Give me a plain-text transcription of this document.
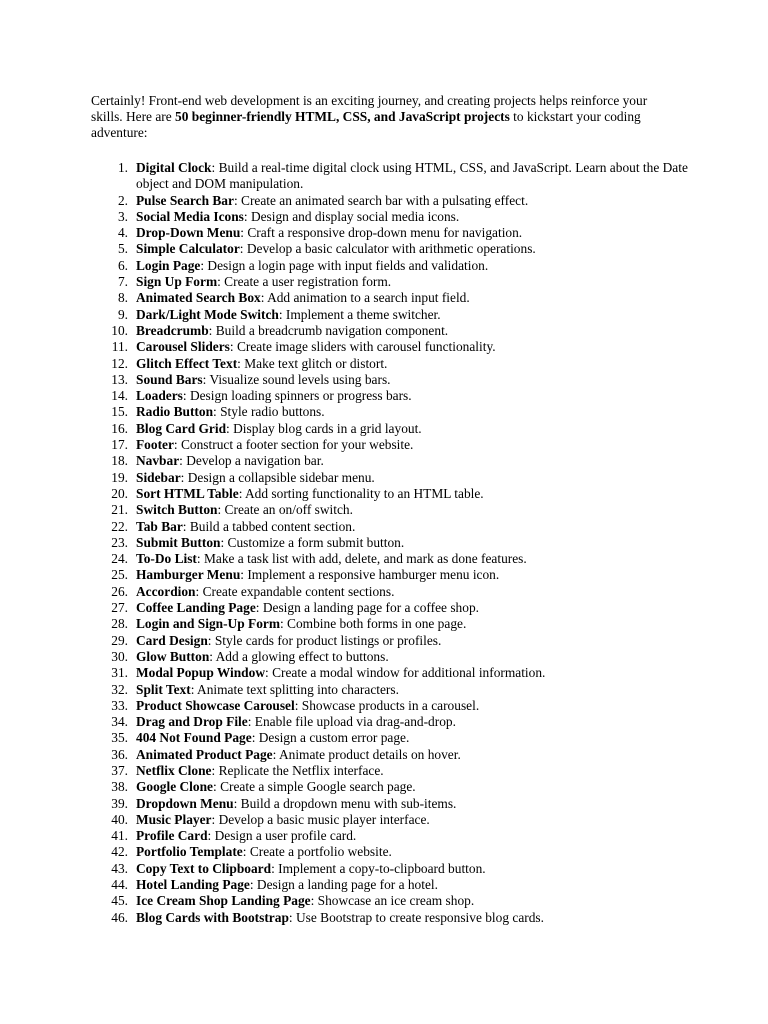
Certainly! Front-end web development is an exciting journey, and creating projects helps reinforce your skills. Here are 50 beginner-friendly HTML, CSS, and JavaScript projects to kickstart your coding adventure:

1. Digital Clock: Build a real-time digital clock using HTML, CSS, and JavaScript. Learn about the Date object and DOM manipulation.
2. Pulse Search Bar: Create an animated search bar with a pulsating effect.
3. Social Media Icons: Design and display social media icons.
4. Drop-Down Menu: Craft a responsive drop-down menu for navigation.
5. Simple Calculator: Develop a basic calculator with arithmetic operations.
6. Login Page: Design a login page with input fields and validation.
7. Sign Up Form: Create a user registration form.
8. Animated Search Box: Add animation to a search input field.
9. Dark/Light Mode Switch: Implement a theme switcher.
10. Breadcrumb: Build a breadcrumb navigation component.
11. Carousel Sliders: Create image sliders with carousel functionality.
12. Glitch Effect Text: Make text glitch or distort.
13. Sound Bars: Visualize sound levels using bars.
14. Loaders: Design loading spinners or progress bars.
15. Radio Button: Style radio buttons.
16. Blog Card Grid: Display blog cards in a grid layout.
17. Footer: Construct a footer section for your website.
18. Navbar: Develop a navigation bar.
19. Sidebar: Design a collapsible sidebar menu.
20. Sort HTML Table: Add sorting functionality to an HTML table.
21. Switch Button: Create an on/off switch.
22. Tab Bar: Build a tabbed content section.
23. Submit Button: Customize a form submit button.
24. To-Do List: Make a task list with add, delete, and mark as done features.
25. Hamburger Menu: Implement a responsive hamburger menu icon.
26. Accordion: Create expandable content sections.
27. Coffee Landing Page: Design a landing page for a coffee shop.
28. Login and Sign-Up Form: Combine both forms in one page.
29. Card Design: Style cards for product listings or profiles.
30. Glow Button: Add a glowing effect to buttons.
31. Modal Popup Window: Create a modal window for additional information.
32. Split Text: Animate text splitting into characters.
33. Product Showcase Carousel: Showcase products in a carousel.
34. Drag and Drop File: Enable file upload via drag-and-drop.
35. 404 Not Found Page: Design a custom error page.
36. Animated Product Page: Animate product details on hover.
37. Netflix Clone: Replicate the Netflix interface.
38. Google Clone: Create a simple Google search page.
39. Dropdown Menu: Build a dropdown menu with sub-items.
40. Music Player: Develop a basic music player interface.
41. Profile Card: Design a user profile card.
42. Portfolio Template: Create a portfolio website.
43. Copy Text to Clipboard: Implement a copy-to-clipboard button.
44. Hotel Landing Page: Design a landing page for a hotel.
45. Ice Cream Shop Landing Page: Showcase an ice cream shop.
46. Blog Cards with Bootstrap: Use Bootstrap to create responsive blog cards.
